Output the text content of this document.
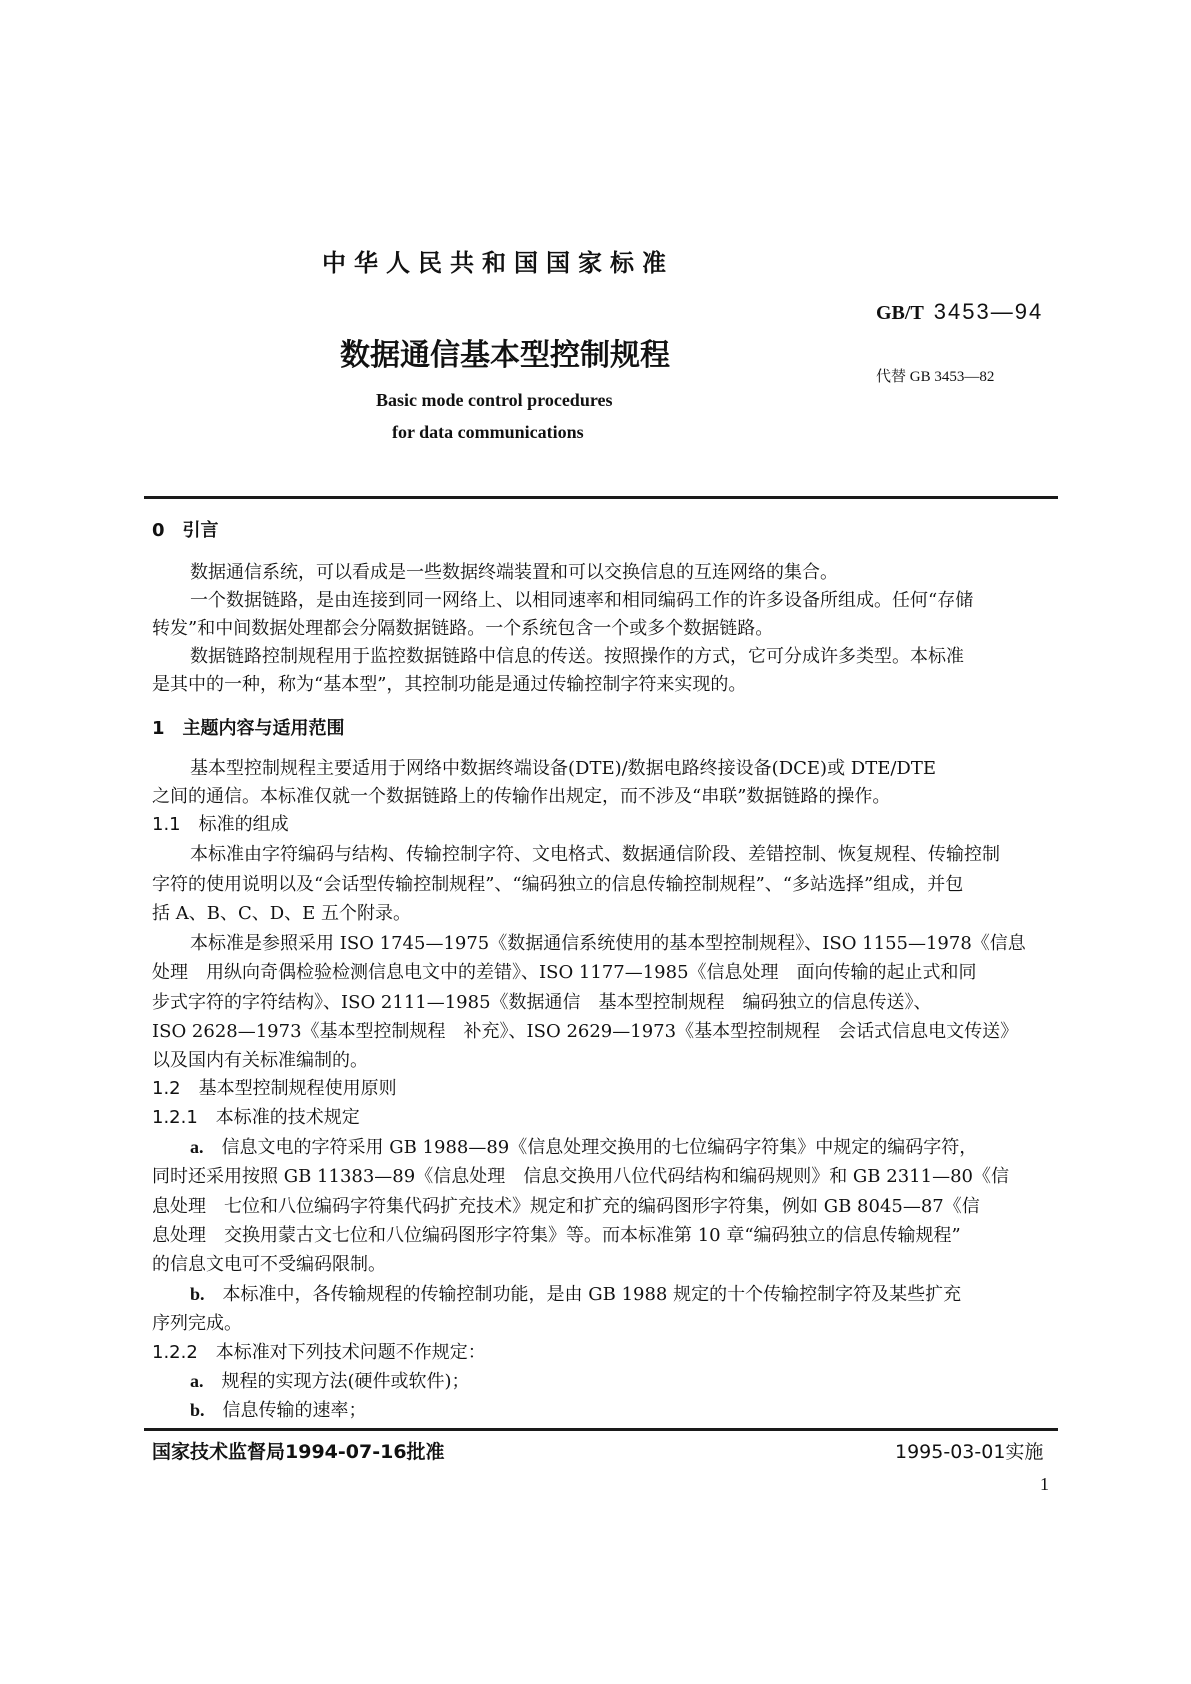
中华人民共和国国家标准
GB/T 3453—94
代替 GB 3453—82
数据通信基本型控制规程
Basic mode control procedures
for data communications
0　引言
数据通信系统，可以看成是一些数据终端装置和可以交换信息的互连网络的集合。
一个数据链路，是由连接到同一网络上、以相同速率和相同编码工作的许多设备所组成。任何“存储
转发”和中间数据处理都会分隔数据链路。一个系统包含一个或多个数据链路。
数据链路控制规程用于监控数据链路中信息的传送。按照操作的方式，它可分成许多类型。本标准
是其中的一种，称为“基本型”，其控制功能是通过传输控制字符来实现的。
1　主题内容与适用范围
基本型控制规程主要适用于网络中数据终端设备(DTE)/数据电路终接设备(DCE)或 DTE/DTE
之间的通信。本标准仅就一个数据链路上的传输作出规定，而不涉及“串联”数据链路的操作。
1.1　标准的组成
本标准由字符编码与结构、传输控制字符、文电格式、数据通信阶段、差错控制、恢复规程、传输控制
字符的使用说明以及“会话型传输控制规程”、“编码独立的信息传输控制规程”、“多站选择”组成，并包
括 A、B、C、D、E 五个附录。
本标准是参照采用 ISO 1745—1975《数据通信系统使用的基本型控制规程》、ISO 1155—1978《信息
处理　用纵向奇偶检验检测信息电文中的差错》、ISO 1177—1985《信息处理　面向传输的起止式和同
步式字符的字符结构》、ISO 2111—1985《数据通信　基本型控制规程　编码独立的信息传送》、
ISO 2628—1973《基本型控制规程　补充》、ISO 2629—1973《基本型控制规程　会话式信息电文传送》
以及国内有关标准编制的。
1.2　基本型控制规程使用原则
1.2.1　本标准的技术规定
a. 信息文电的字符采用 GB 1988—89《信息处理交换用的七位编码字符集》中规定的编码字符，
同时还采用按照 GB 11383—89《信息处理　信息交换用八位代码结构和编码规则》和 GB 2311—80《信
息处理　七位和八位编码字符集代码扩充技术》规定和扩充的编码图形字符集，例如 GB 8045—87《信
息处理　交换用蒙古文七位和八位编码图形字符集》等。而本标准第 10 章“编码独立的信息传输规程”
的信息文电可不受编码限制。
b. 本标准中，各传输规程的传输控制功能，是由 GB 1988 规定的十个传输控制字符及某些扩充
序列完成。
1.2.2　本标准对下列技术问题不作规定：
a. 规程的实现方法(硬件或软件)；
b. 信息传输的速率；
国家技术监督局1994-07-16批准	1995-03-01实施
1
